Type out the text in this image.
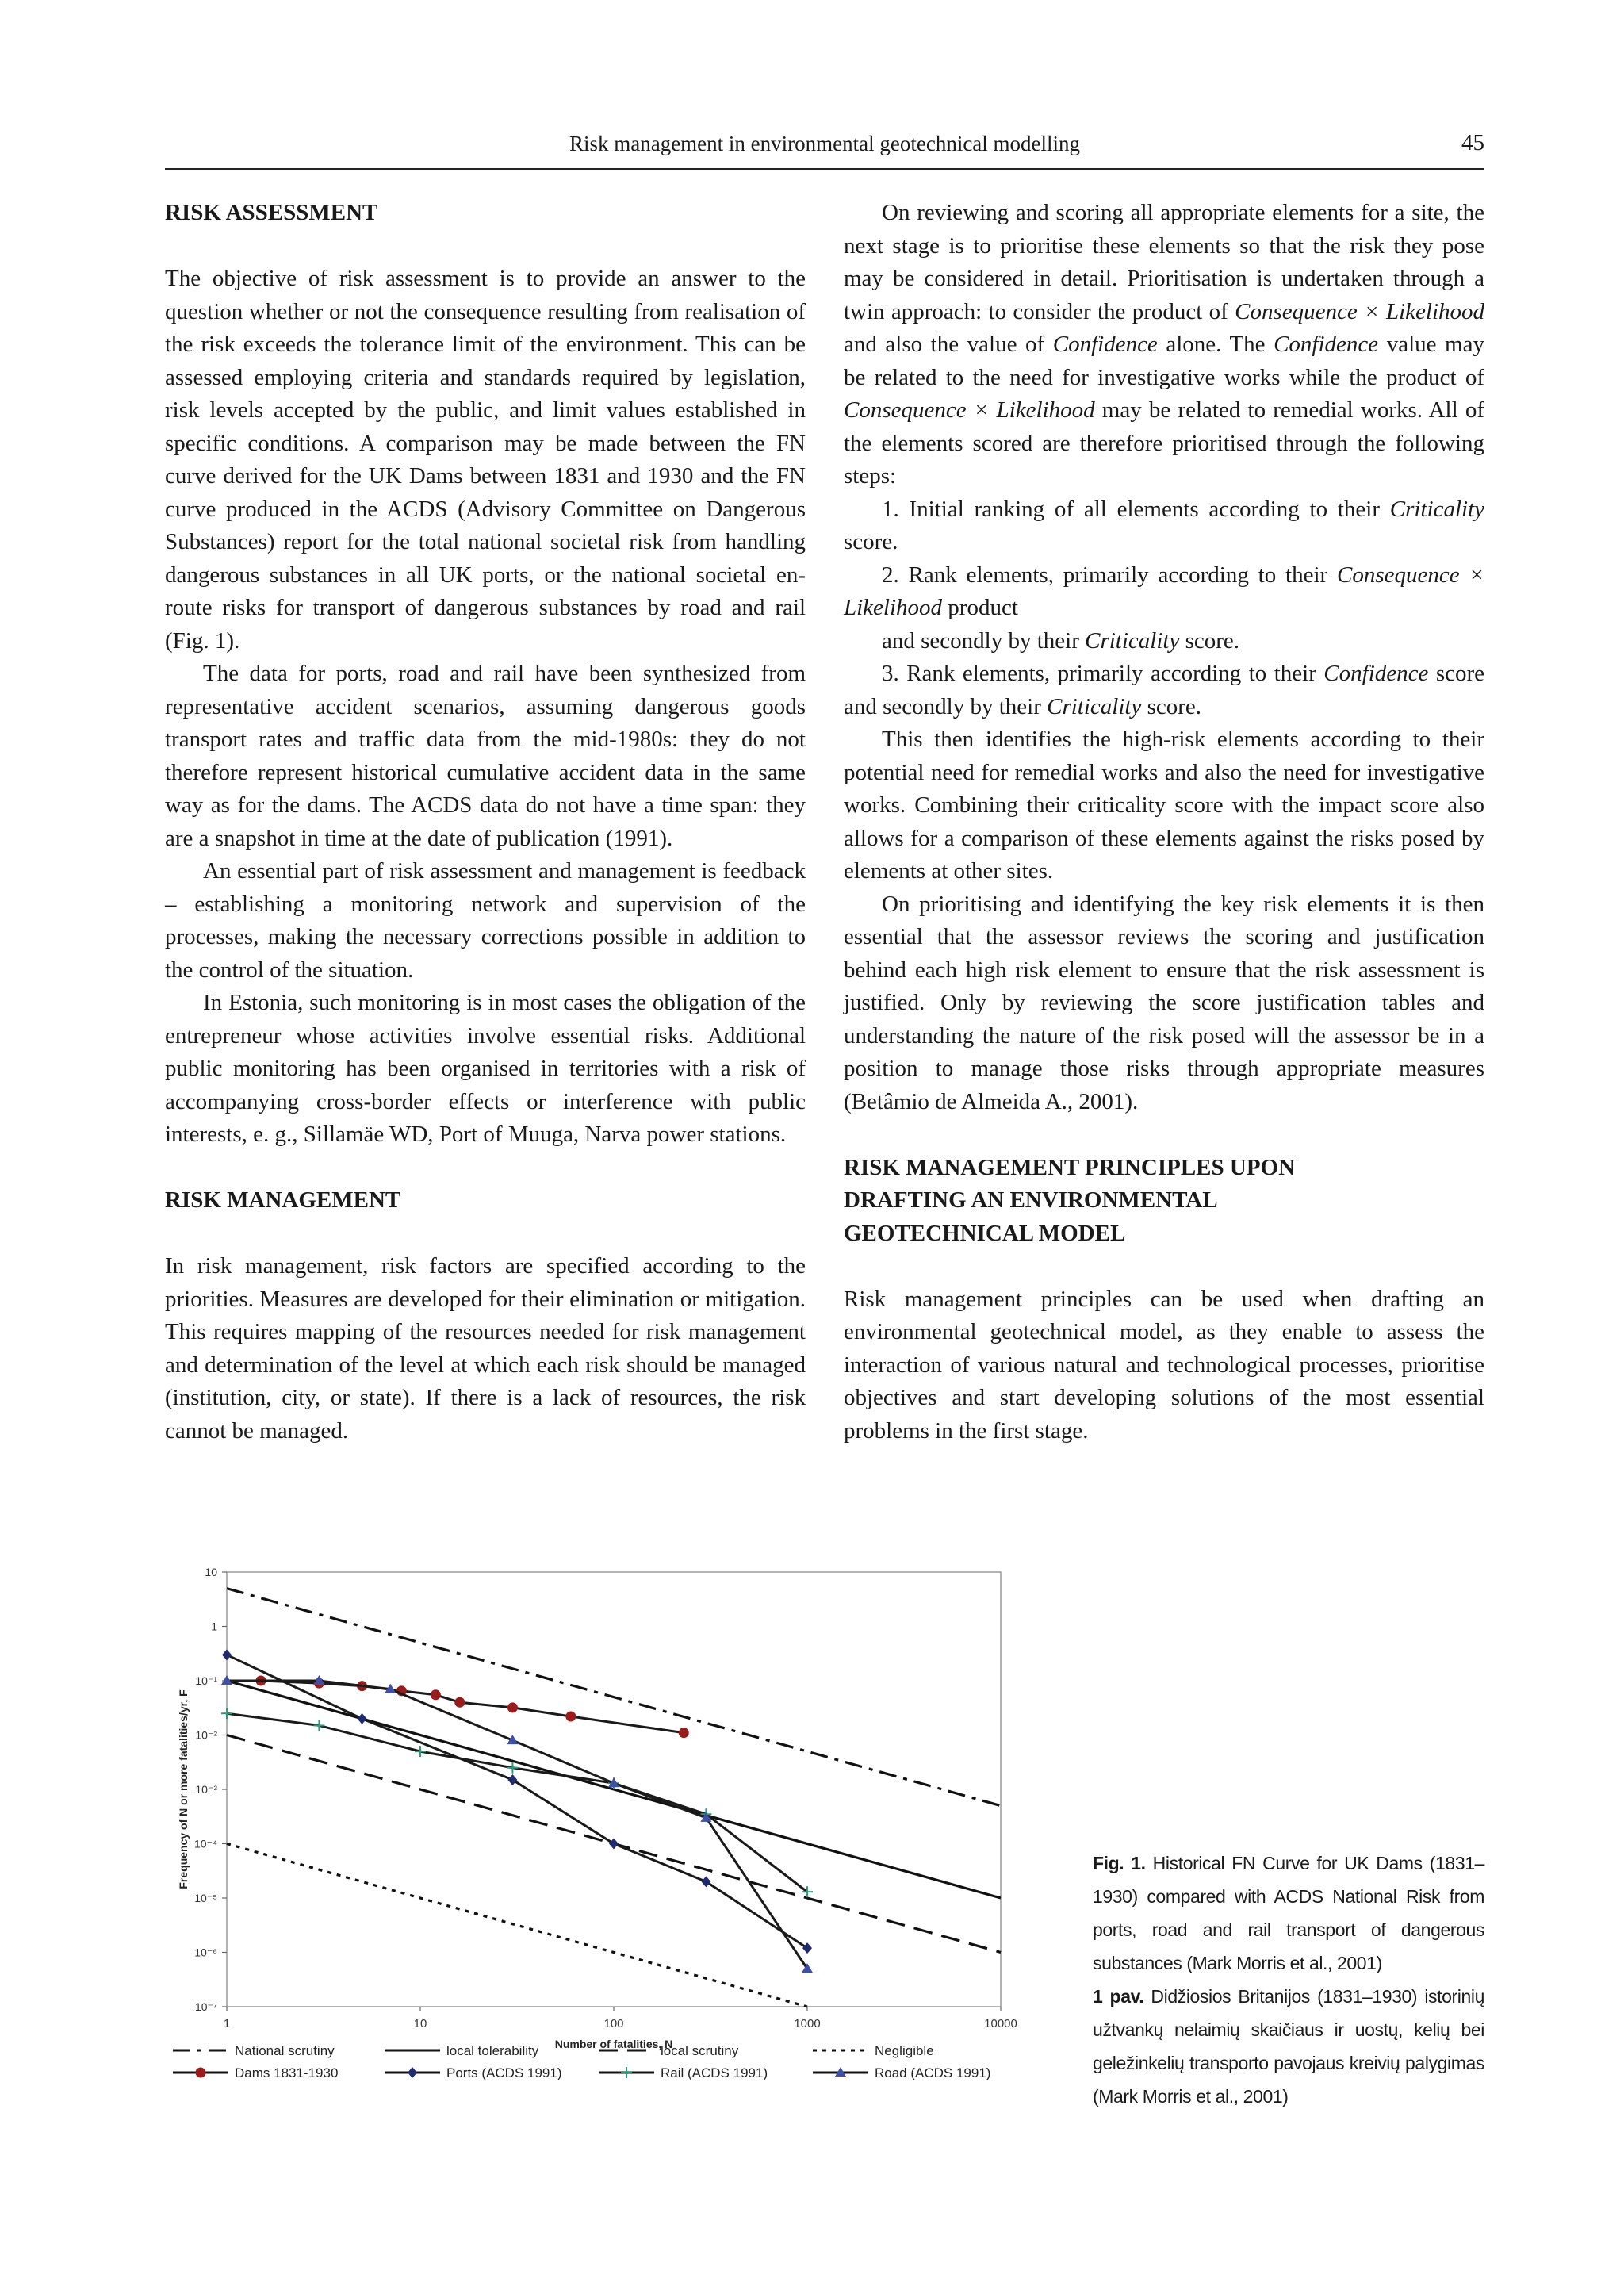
Risk management in environmental geotechnical modelling	45
RISK ASSESSMENT

The objective of risk assessment is to provide an answer to the question whether or not the consequence resulting from realisation of the risk exceeds the tolerance limit of the environment. This can be assessed employing criteria and standards required by legislation, risk levels accepted by the public, and limit values established in specific conditions. A comparison may be made between the FN curve derived for the UK Dams between 1831 and 1930 and the FN curve produced in the ACDS (Advisory Committee on Dangerous Substances) report for the total national societal risk from handling dangerous substances in all UK ports, or the national societal en-route risks for transport of dangerous substances by road and rail (Fig. 1).

The data for ports, road and rail have been synthesized from representative accident scenarios, assuming dangerous goods transport rates and traffic data from the mid-1980s: they do not therefore represent historical cumulative accident data in the same way as for the dams. The ACDS data do not have a time span: they are a snapshot in time at the date of publication (1991).

An essential part of risk assessment and management is feedback – establishing a monitoring network and supervision of the processes, making the necessary corrections possible in addition to the control of the situation.

In Estonia, such monitoring is in most cases the obligation of the entrepreneur whose activities involve essential risks. Additional public monitoring has been organised in territories with a risk of accompanying cross-border effects or interference with public interests, e. g., Sillamäe WD, Port of Muuga, Narva power stations.

RISK MANAGEMENT

In risk management, risk factors are specified according to the priorities. Measures are developed for their elimination or mitigation. This requires mapping of the resources needed for risk management and determination of the level at which each risk should be managed (institution, city, or state). If there is a lack of resources, the risk cannot be managed.

On reviewing and scoring all appropriate elements for a site, the next stage is to prioritise these elements so that the risk they pose may be considered in detail. Prioritisation is undertaken through a twin approach: to consider the product of Consequence × Likelihood and also the value of Confidence alone. The Confidence value may be related to the need for investigative works while the product of Consequence × Likelihood may be related to remedial works. All of the elements scored are therefore prioritised through the following steps:

1. Initial ranking of all elements according to their Criticality score.

2. Rank elements, primarily according to their Consequence × Likelihood product

and secondly by their Criticality score.

3. Rank elements, primarily according to their Confidence score and secondly by their Criticality score.

This then identifies the high-risk elements according to their potential need for remedial works and also the need for investigative works. Combining their criticality score with the impact score also allows for a comparison of these elements against the risks posed by elements at other sites.

On prioritising and identifying the key risk elements it is then essential that the assessor reviews the scoring and justification behind each high risk element to ensure that the risk assessment is justified. Only by reviewing the score justification tables and understanding the nature of the risk posed will the assessor be in a position to manage those risks through appropriate measures (Betâmio de Almeida A., 2001).

RISK MANAGEMENT PRINCIPLES UPON
DRAFTING AN ENVIRONMENTAL
GEOTECHNICAL MODEL

Risk management principles can be used when drafting an environmental geotechnical model, as they enable to assess the interaction of various natural and technological processes, prioritise objectives and start developing solutions of the most essential problems in the first stage.

1	10	100	1000	10000
10
1
10⁻¹
10⁻²
10⁻³
10⁻⁴
10⁻⁵
10⁻⁶
10⁻⁷
Number of fatalities, N
Frequency of N or more fatalities/yr, F
National scrutiny	local tolerability	local scrutiny	Negligible
Dams 1831-1930	Ports (ACDS 1991)	Rail (ACDS 1991)	Road (ACDS 1991)

Fig. 1. Historical FN Curve for UK Dams (1831–1930) compared with ACDS National Risk from ports, road and rail transport of dangerous substances (Mark Morris et al., 2001)

1 pav. Didžiosios Britanijos (1831–1930) istorinių užtvankų nelaimių skaičiaus ir uostų, kelių bei geležinkelių transporto pavojaus kreivių palygimas (Mark Morris et al., 2001)
